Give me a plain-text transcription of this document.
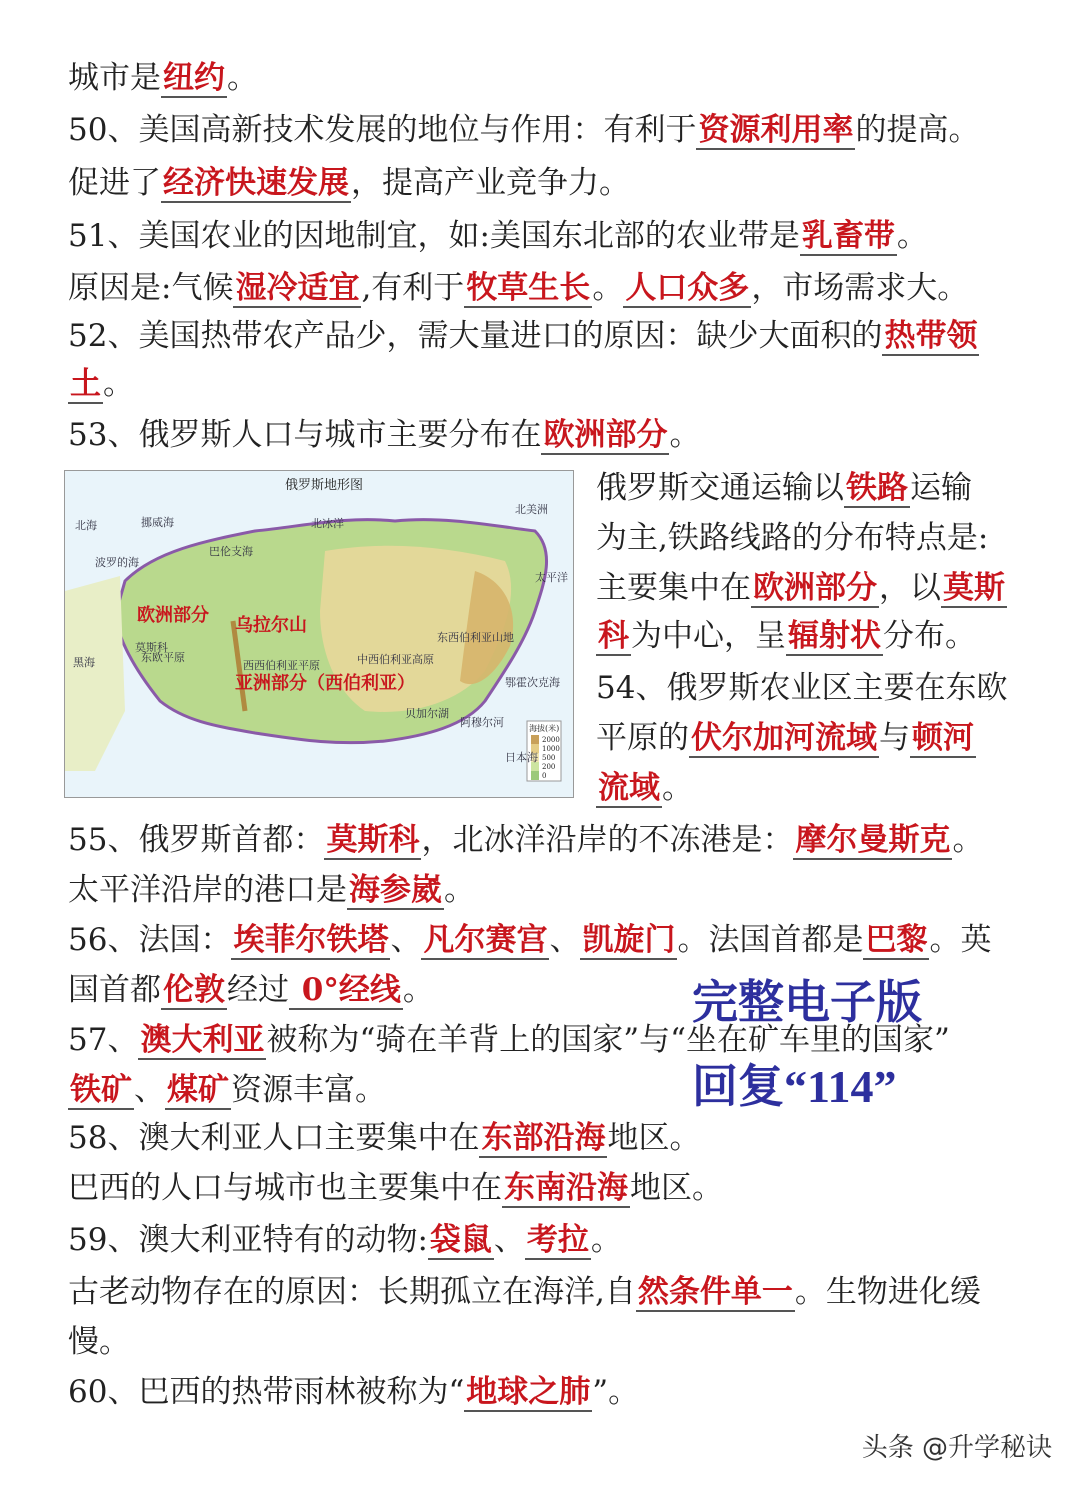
城市是纽约。
50、美国高新技术发展的地位与作用：有利于资源利用率的提高。
促进了经济快速发展，提高产业竞争力。
51、美国农业的因地制宜，如:美国东北部的农业带是乳畜带。
原因是:气候湿冷适宜,有利于牧草生长。人口众多，市场需求大。
52、美国热带农产品少，需大量进口的原因：缺少大面积的热带领
土。
53、俄罗斯人口与城市主要分布在欧洲部分。
俄罗斯交通运输以铁路运输
为主,铁路线路的分布特点是:
主要集中在欧洲部分，以莫斯
科为中心，呈辐射状分布。
54、俄罗斯农业区主要在东欧
平原的伏尔加河流域与顿河
流域。
55、俄罗斯首都：莫斯科，北冰洋沿岸的不冻港是：摩尔曼斯克。
太平洋沿岸的港口是海参崴。
56、法国：埃菲尔铁塔、凡尔赛宫、凯旋门。法国首都是巴黎。英
国首都伦敦经过 0°经线。
57、澳大利亚被称为“骑在羊背上的国家”与“坐在矿车里的国家”
铁矿、煤矿资源丰富。
58、澳大利亚人口主要集中在东部沿海地区。
巴西的人口与城市也主要集中在东南沿海地区。
59、澳大利亚特有的动物:袋鼠、考拉。
古老动物存在的原因：长期孤立在海洋,自然条件单一。生物进化缓
慢。
60、巴西的热带雨林被称为“地球之肺”。
海拔(米)
2000
1000
500
200
0
北海	挪威海	北冰洋
北美洲
巴伦支海
波罗的海
太平洋
黑海
欧洲部分
亚洲部分（西伯利亚）
乌拉尔山
东欧平原
西西伯利亚平原	中西伯利亚高原
东西伯利亚山地
贝加尔湖
阿穆尔河
鄂霍次克海
日本海
莫斯科
俄罗斯地形图
完整电子版
回复“114”
头条 @升学秘诀
